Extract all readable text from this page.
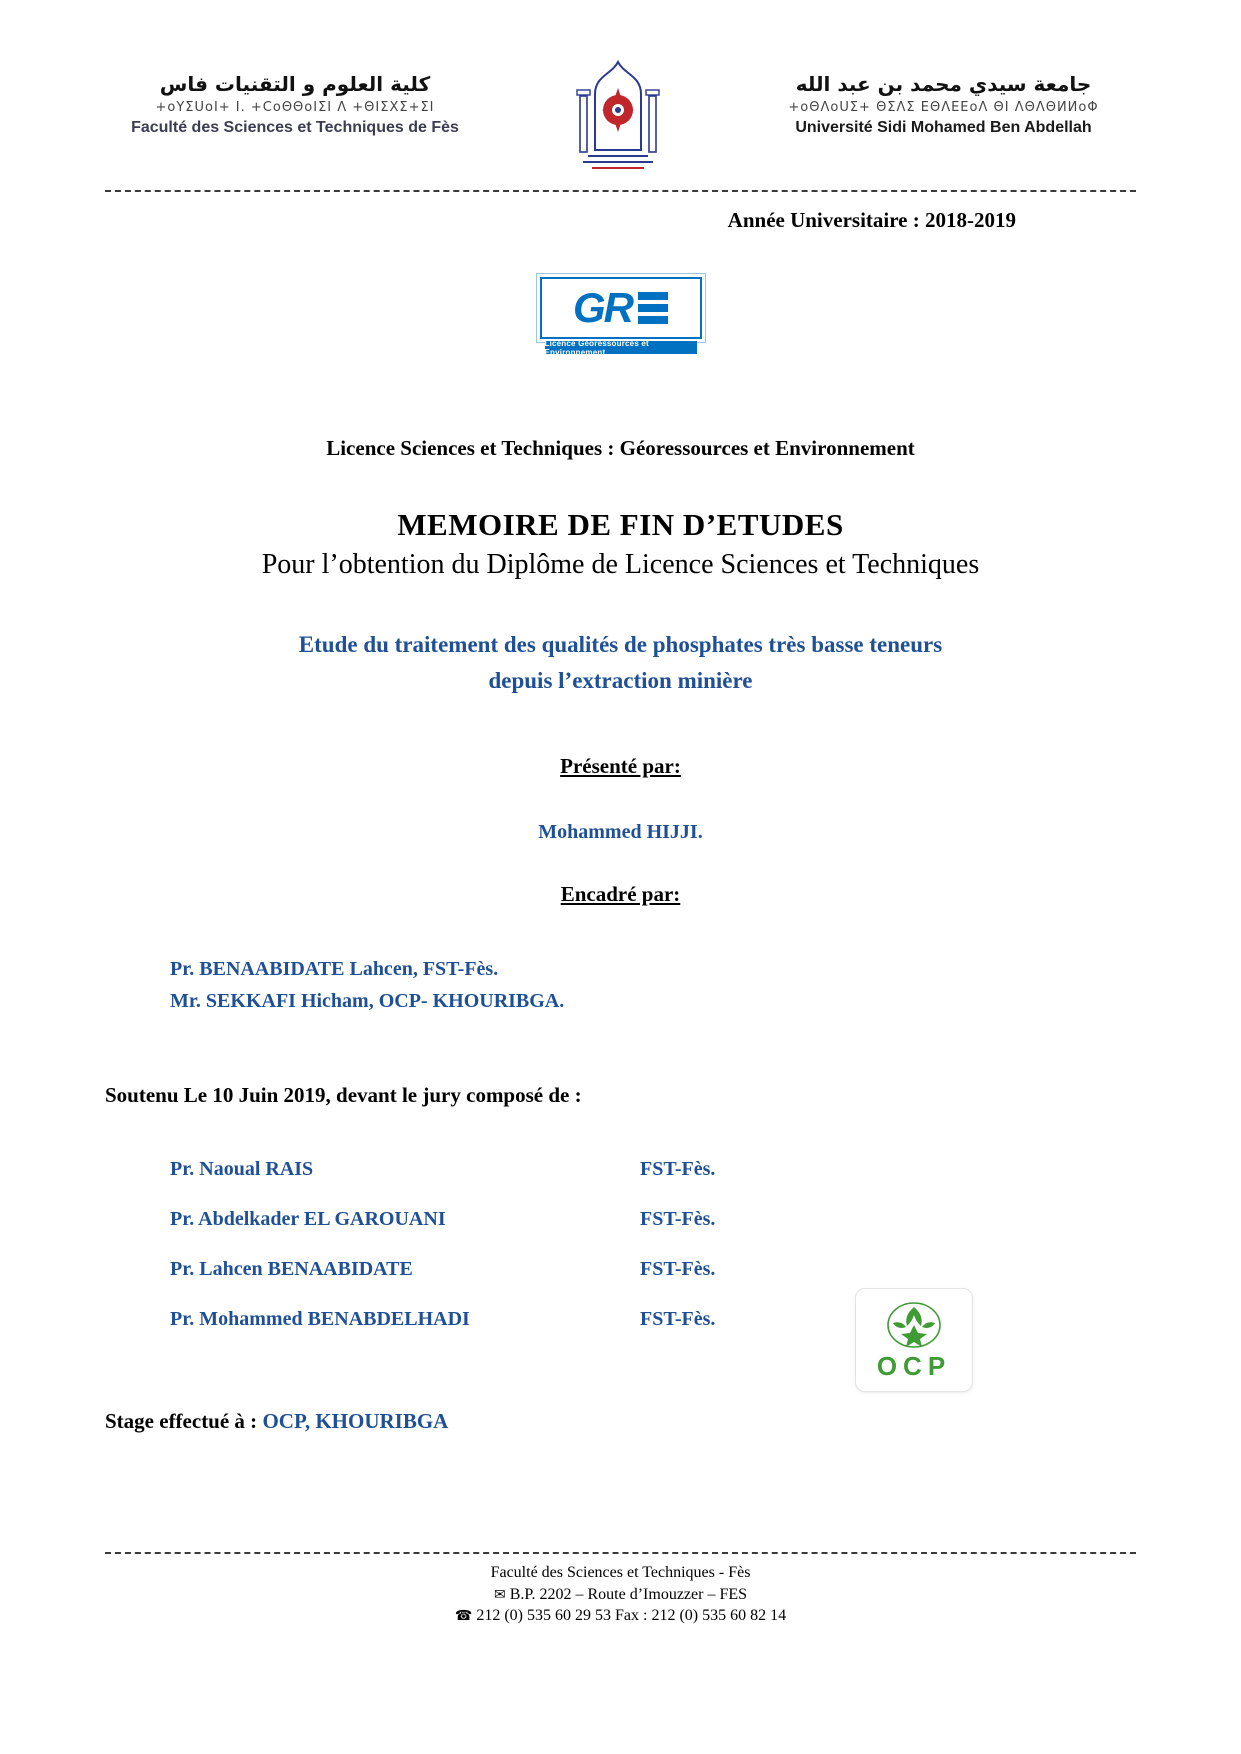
كلية العلوم و التقنيات فاس
+oYΣUoI+ I. +CoΘΘoIΣI Λ +ΘIΣXΣ+ΣI
Faculté des Sciences et Techniques de Fès
جامعة سيدي محمد بن عبد الله
+oΘΛoUΣ+ ΘΣΛΣ ΕΘΛΕΕoΛ ΘI ΛΘΛΘИИoΦ
Université Sidi Mohamed Ben Abdellah
Année Universitaire : 2018-2019
GR
Licence Géoressources et Environnement
Licence Sciences et Techniques : Géoressources et Environnement
MEMOIRE DE FIN D’ETUDES
Pour l’obtention du Diplôme de Licence Sciences et Techniques
Etude du traitement des qualités de phosphates très basse teneurs
depuis l’extraction minière
Présenté par:
Mohammed HIJJI.
Encadré par:
Pr. BENAABIDATE Lahcen, FST-Fès.
Mr. SEKKAFI Hicham, OCP- KHOURIBGA.
Soutenu Le 10 Juin 2019, devant le jury composé de :
Pr. Naoual RAIS	FST-Fès.
Pr. Abdelkader EL GAROUANI	FST-Fès.
Pr. Lahcen BENAABIDATE	FST-Fès.
Pr. Mohammed BENABDELHADI	FST-Fès.
Stage effectué à : OCP, KHOURIBGA
OCP
Faculté des Sciences et Techniques - Fès
✉ B.P. 2202 – Route d’Imouzzer – FES
☎ 212 (0) 535 60 29 53 Fax : 212 (0) 535 60 82 14
